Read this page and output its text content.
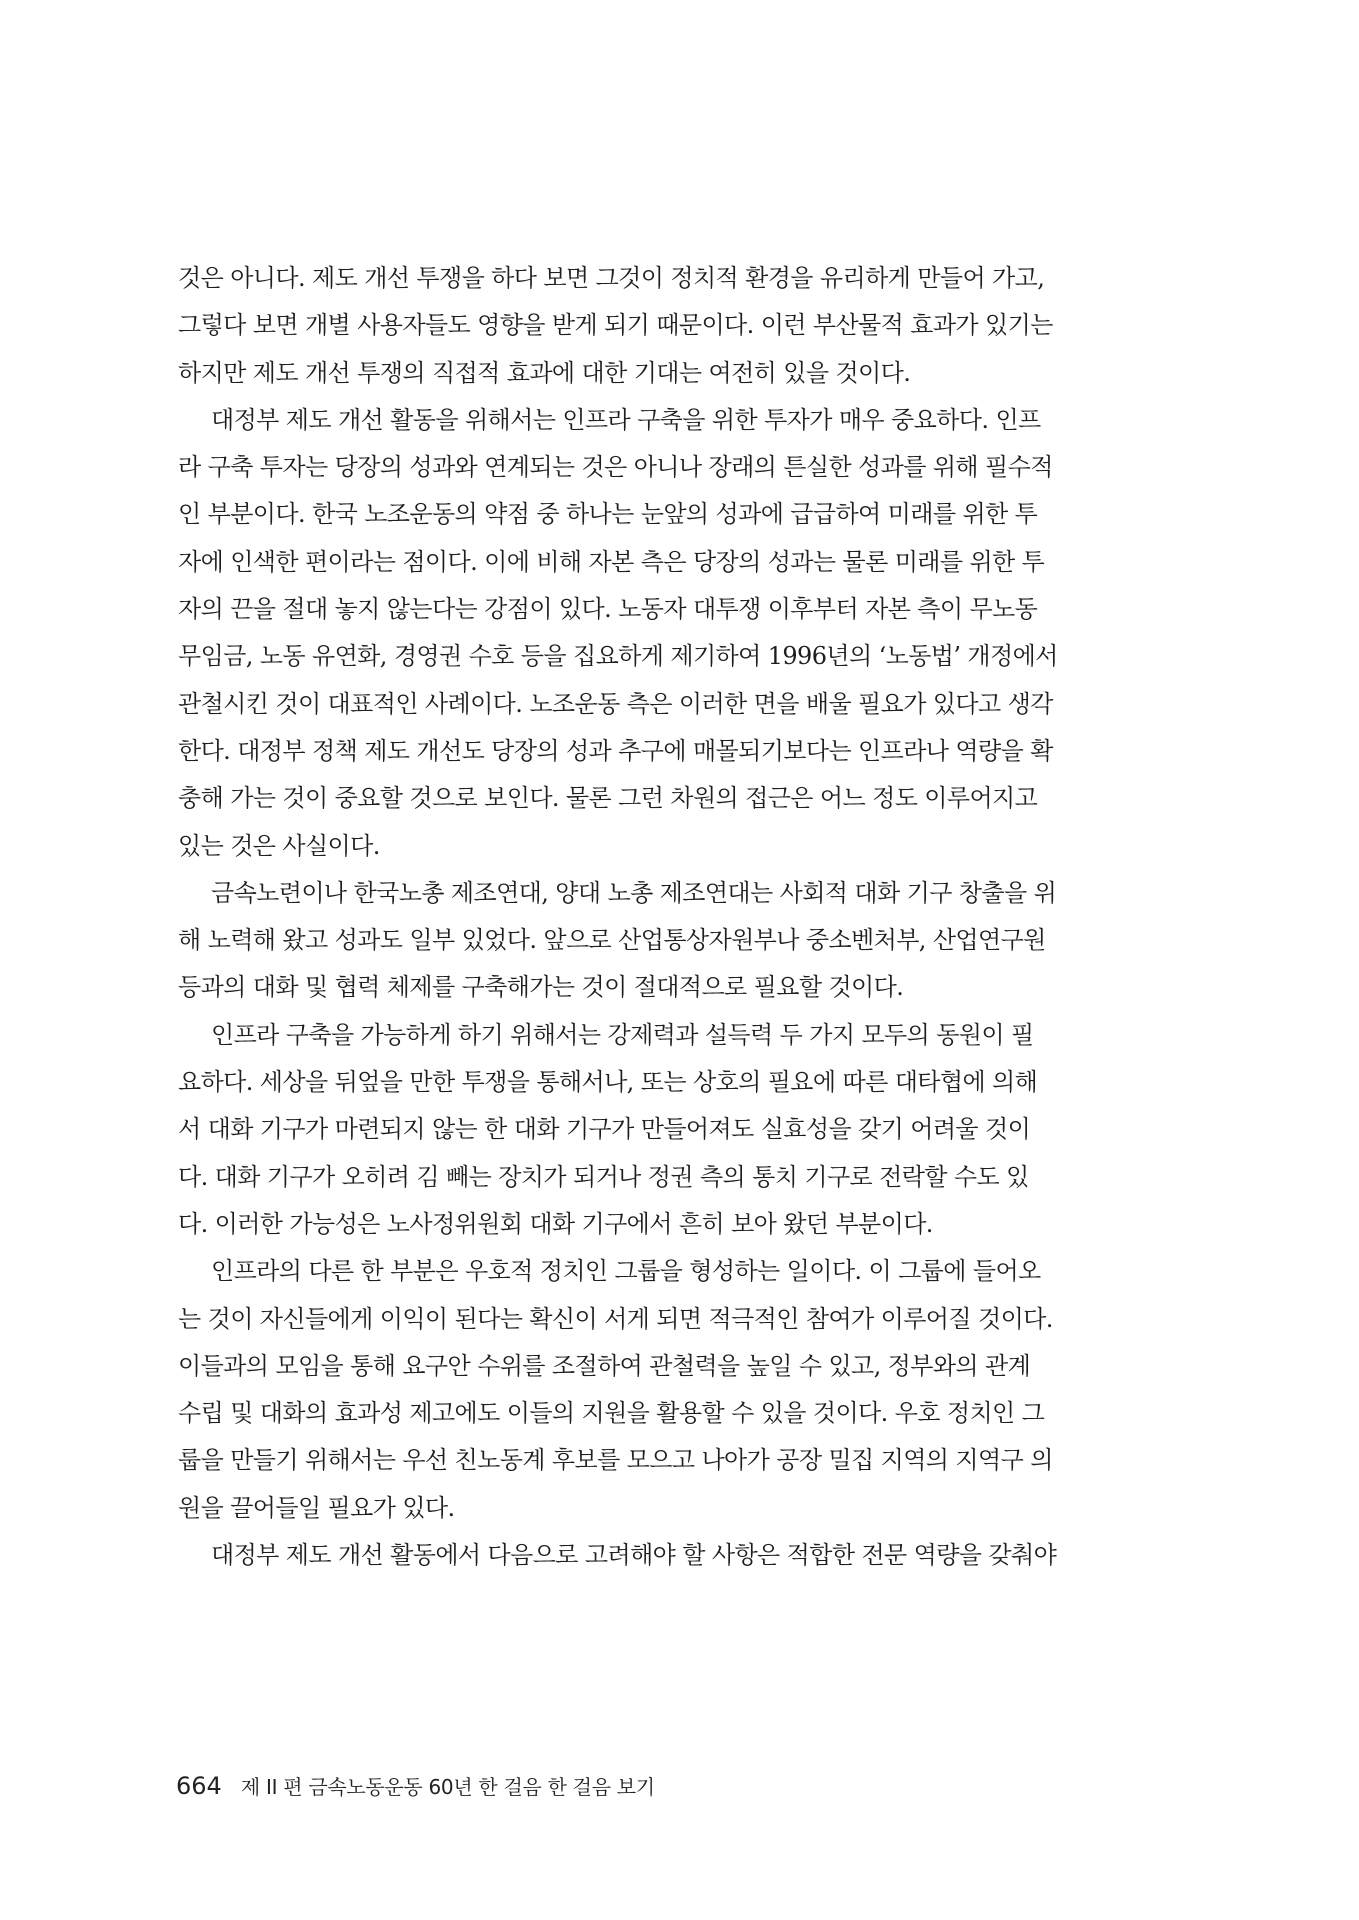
것은 아니다. 제도 개선 투쟁을 하다 보면 그것이 정치적 환경을 유리하게 만들어 가고,
그렇다 보면 개별 사용자들도 영향을 받게 되기 때문이다. 이런 부산물적 효과가 있기는
하지만 제도 개선 투쟁의 직접적 효과에 대한 기대는 여전히 있을 것이다.
대정부 제도 개선 활동을 위해서는 인프라 구축을 위한 투자가 매우 중요하다. 인프
라 구축 투자는 당장의 성과와 연계되는 것은 아니나 장래의 튼실한 성과를 위해 필수적
인 부분이다. 한국 노조운동의 약점 중 하나는 눈앞의 성과에 급급하여 미래를 위한 투
자에 인색한 편이라는 점이다. 이에 비해 자본 측은 당장의 성과는 물론 미래를 위한 투
자의 끈을 절대 놓지 않는다는 강점이 있다. 노동자 대투쟁 이후부터 자본 측이 무노동
무임금, 노동 유연화, 경영권 수호 등을 집요하게 제기하여 1996년의 ‘노동법’ 개정에서
관철시킨 것이 대표적인 사례이다. 노조운동 측은 이러한 면을 배울 필요가 있다고 생각
한다. 대정부 정책 제도 개선도 당장의 성과 추구에 매몰되기보다는 인프라나 역량을 확
충해 가는 것이 중요할 것으로 보인다. 물론 그런 차원의 접근은 어느 정도 이루어지고
있는 것은 사실이다.
금속노련이나 한국노총 제조연대, 양대 노총 제조연대는 사회적 대화 기구 창출을 위
해 노력해 왔고 성과도 일부 있었다. 앞으로 산업통상자원부나 중소벤처부, 산업연구원
등과의 대화 및 협력 체제를 구축해가는 것이 절대적으로 필요할 것이다.
인프라 구축을 가능하게 하기 위해서는 강제력과 설득력 두 가지 모두의 동원이 필
요하다. 세상을 뒤엎을 만한 투쟁을 통해서나, 또는 상호의 필요에 따른 대타협에 의해
서 대화 기구가 마련되지 않는 한 대화 기구가 만들어져도 실효성을 갖기 어려울 것이
다. 대화 기구가 오히려 김 빼는 장치가 되거나 정권 측의 통치 기구로 전락할 수도 있
다. 이러한 가능성은 노사정위원회 대화 기구에서 흔히 보아 왔던 부분이다.
인프라의 다른 한 부분은 우호적 정치인 그룹을 형성하는 일이다. 이 그룹에 들어오
는 것이 자신들에게 이익이 된다는 확신이 서게 되면 적극적인 참여가 이루어질 것이다.
이들과의 모임을 통해 요구안 수위를 조절하여 관철력을 높일 수 있고, 정부와의 관계
수립 및 대화의 효과성 제고에도 이들의 지원을 활용할 수 있을 것이다. 우호 정치인 그
룹을 만들기 위해서는 우선 친노동계 후보를 모으고 나아가 공장 밀집 지역의 지역구 의
원을 끌어들일 필요가 있다.
대정부 제도 개선 활동에서 다음으로 고려해야 할 사항은 적합한 전문 역량을 갖춰야
664 제 II 편 금속노동운동 60년 한 걸음 한 걸음 보기
